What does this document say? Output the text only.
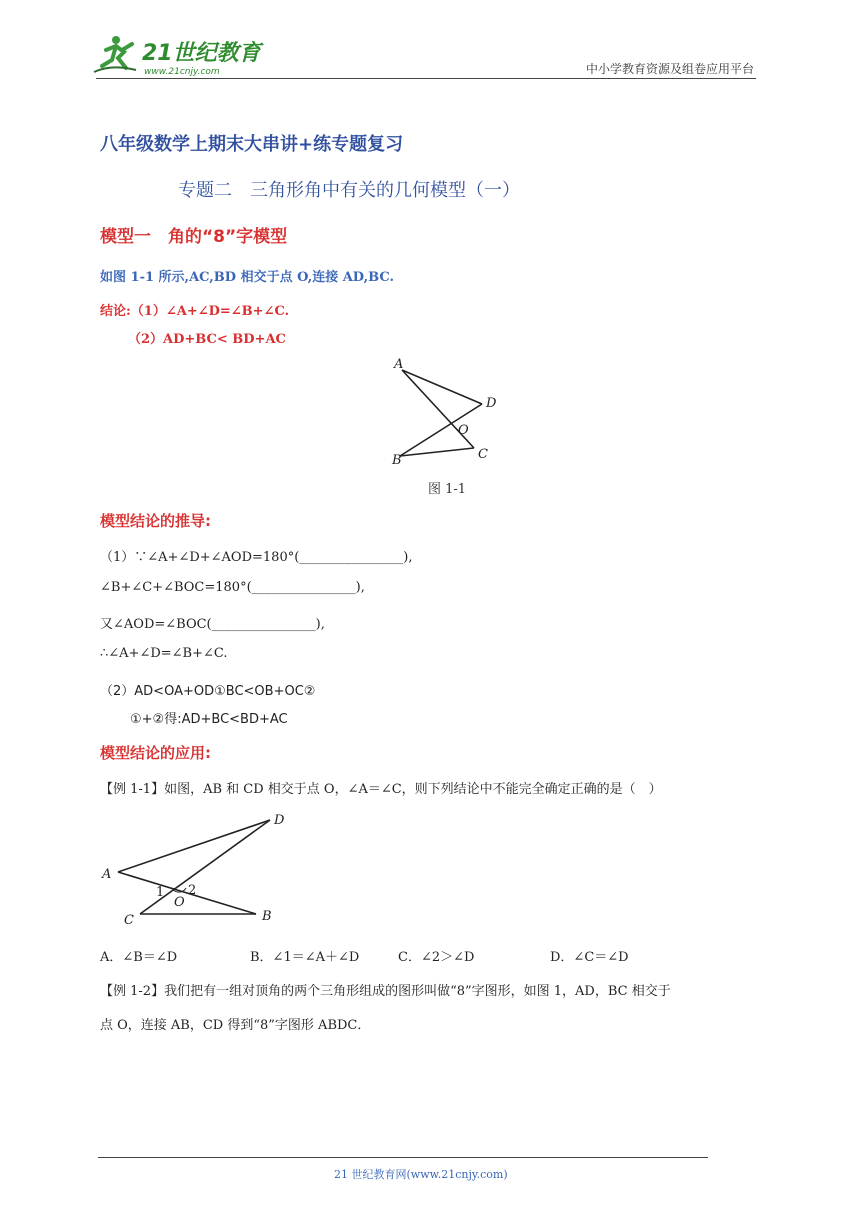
21世纪教育
www.21cnjy.com	中小学教育资源及组卷应用平台
八年级数学上期末大串讲+练专题复习
专题二　三角形角中有关的几何模型（一）
模型一　角的“8”字模型
如图 1-1 所示,AC,BD 相交于点 O,连接 AD,BC.
结论:（1）∠A+∠D=∠B+∠C.
（2）AD+BC< BD+AC
A
D
O
C
B
图 1-1
模型结论的推导:
（1）∵∠A+∠D+∠AOD=180°(________________),
∠B+∠C+∠BOC=180°(________________),
又∠AOD=∠BOC(________________),
∴∠A+∠D=∠B+∠C.
（2）AD<OA+OD①BC<OB+OC②
①+②得:AD+BC<BD+AC
模型结论的应用:
【例 1-1】如图，AB 和 CD 相交于点 O，∠A＝∠C，则下列结论中不能完全确定正确的是（　）
D
A
1 2
O
C	B
A．∠B＝∠D	B．∠1＝∠A＋∠D	C．∠2＞∠D	D．∠C＝∠D
【例 1-2】我们把有一组对顶角的两个三角形组成的图形叫做“8”字图形，如图 1，AD，BC 相交于
点 O，连接 AB，CD 得到“8”字图形 ABDC．
21 世纪教育网(www.21cnjy.com)
